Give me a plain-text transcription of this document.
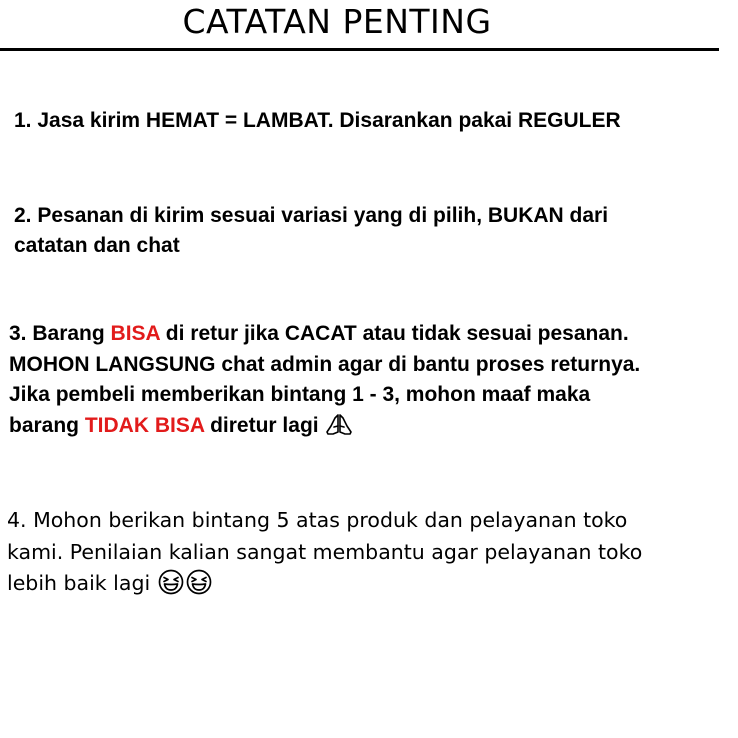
CATATAN PENTING

1. Jasa kirim HEMAT = LAMBAT. Disarankan pakai REGULER

2. Pesanan di kirim sesuai variasi yang di pilih, BUKAN dari
catatan dan chat

3. Barang BISA di retur jika CACAT atau tidak sesuai pesanan.
MOHON LANGSUNG chat admin agar di bantu proses returnya.
Jika pembeli memberikan bintang 1 - 3, mohon maaf maka
barang TIDAK BISA diretur lagi

4. Mohon berikan bintang 5 atas produk dan pelayanan toko
kami. Penilaian kalian sangat membantu agar pelayanan toko
lebih baik lagi
